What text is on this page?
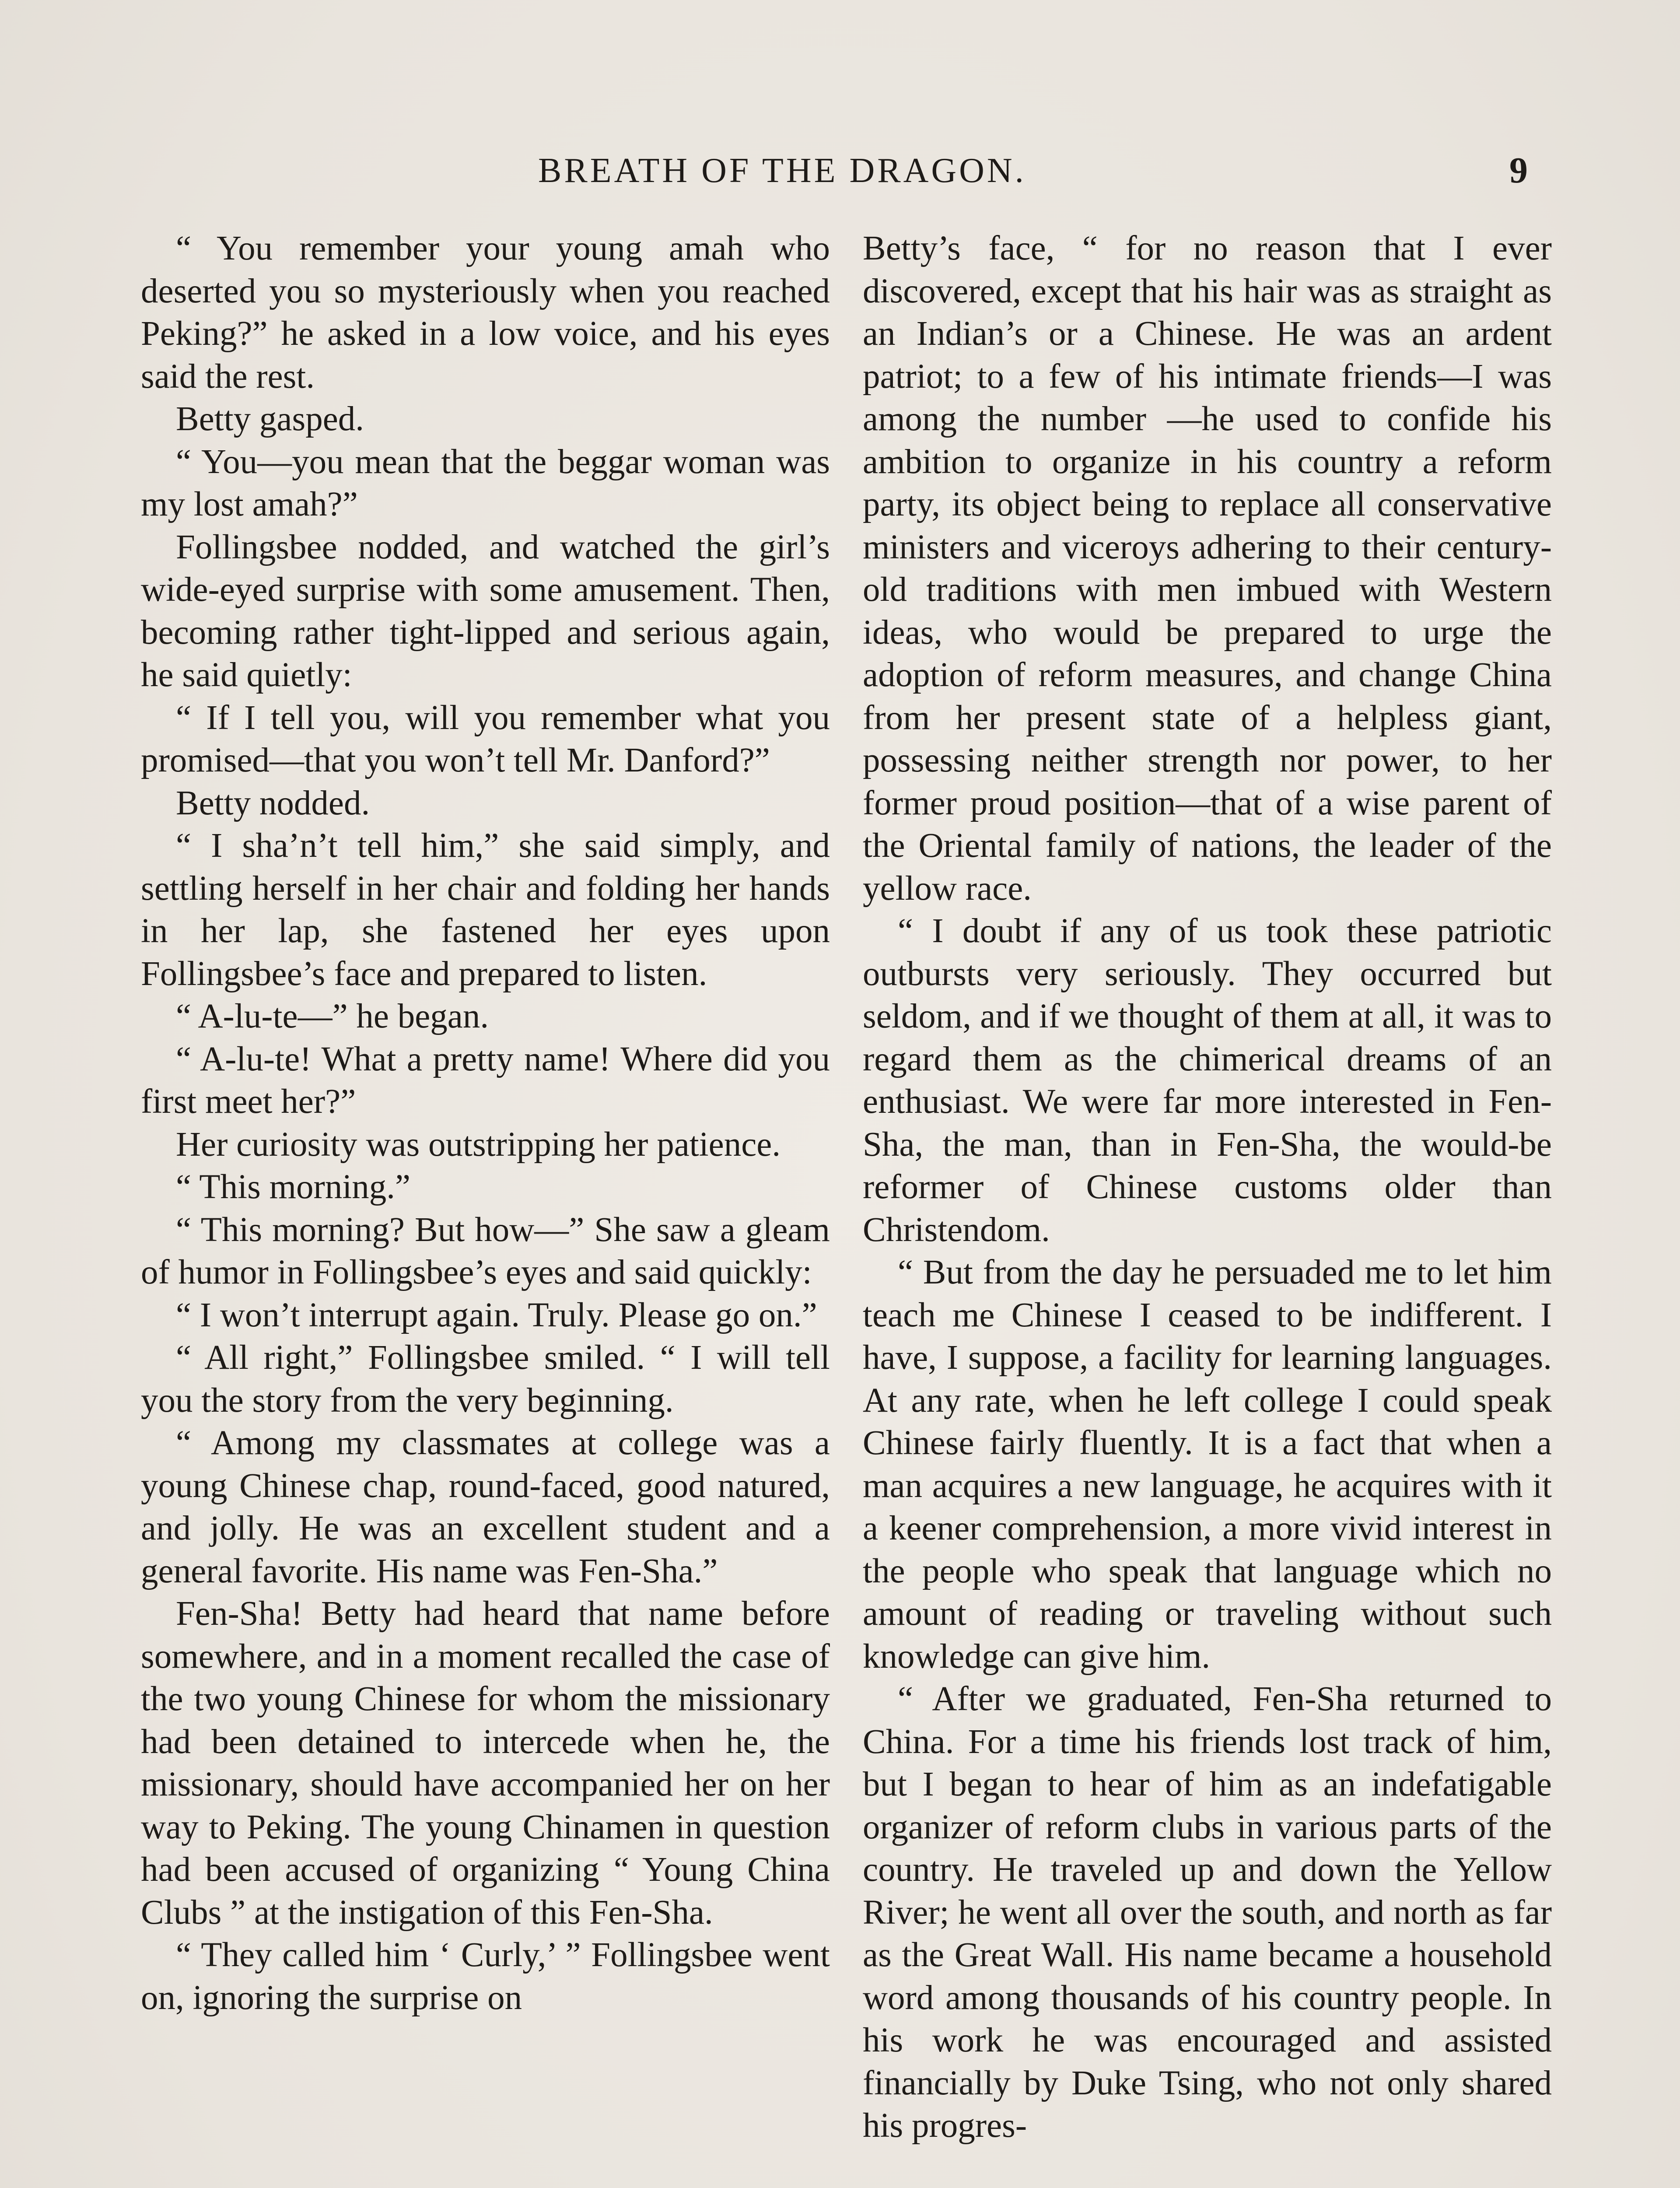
BREATH OF THE DRAGON.	9

“ You remember your young amah who deserted you so mysteriously when you reached Peking?” he asked in a low voice, and his eyes said the rest.

Betty gasped.

“ You—you mean that the beggar woman was my lost amah?”

Follingsbee nodded, and watched the girl’s wide-eyed surprise with some amusement. Then, becoming rather tight-lipped and serious again, he said quietly:

“ If I tell you, will you remember what you promised—that you won’t tell Mr. Danford?”

Betty nodded.

“ I sha’n’t tell him,” she said simply, and settling herself in her chair and folding her hands in her lap, she fastened her eyes upon Follingsbee’s face and prepared to listen.

“ A-lu-te—” he began.

“ A-lu-te! What a pretty name! Where did you first meet her?”

Her curiosity was outstripping her patience.

“ This morning.”

“ This morning? But how—” She saw a gleam of humor in Follingsbee’s eyes and said quickly:

“ I won’t interrupt again. Truly. Please go on.”

“ All right,” Follingsbee smiled. “ I will tell you the story from the very beginning.

“ Among my classmates at college was a young Chinese chap, round-faced, good natured, and jolly. He was an excellent student and a general favorite. His name was Fen-Sha.”

Fen-Sha! Betty had heard that name before somewhere, and in a moment recalled the case of the two young Chinese for whom the missionary had been detained to intercede when he, the missionary, should have accompanied her on her way to Peking. The young Chinamen in question had been accused of organizing “ Young China Clubs ” at the instigation of this Fen-Sha.

“ They called him ‘ Curly,’ ” Follingsbee went on, ignoring the surprise on

Betty’s face, “ for no reason that I ever discovered, except that his hair was as straight as an Indian’s or a Chinese. He was an ardent patriot; to a few of his intimate friends—I was among the number —he used to confide his ambition to organize in his country a reform party, its object being to replace all conservative ministers and viceroys adhering to their century-old traditions with men imbued with Western ideas, who would be prepared to urge the adoption of reform measures, and change China from her present state of a helpless giant, possessing neither strength nor power, to her former proud position—that of a wise parent of the Oriental family of nations, the leader of the yellow race.

“ I doubt if any of us took these patriotic outbursts very seriously. They occurred but seldom, and if we thought of them at all, it was to regard them as the chimerical dreams of an enthusiast. We were far more interested in Fen-Sha, the man, than in Fen-Sha, the would-be reformer of Chinese customs older than Christendom.

“ But from the day he persuaded me to let him teach me Chinese I ceased to be indifferent. I have, I suppose, a facility for learning languages. At any rate, when he left college I could speak Chinese fairly fluently. It is a fact that when a man acquires a new language, he acquires with it a keener comprehension, a more vivid interest in the people who speak that language which no amount of reading or traveling without such knowledge can give him.

“ After we graduated, Fen-Sha returned to China. For a time his friends lost track of him, but I began to hear of him as an indefatigable organizer of reform clubs in various parts of the country. He traveled up and down the Yellow River; he went all over the south, and north as far as the Great Wall. His name became a household word among thousands of his country people. In his work he was encouraged and assisted financially by Duke Tsing, who not only shared his progres-
